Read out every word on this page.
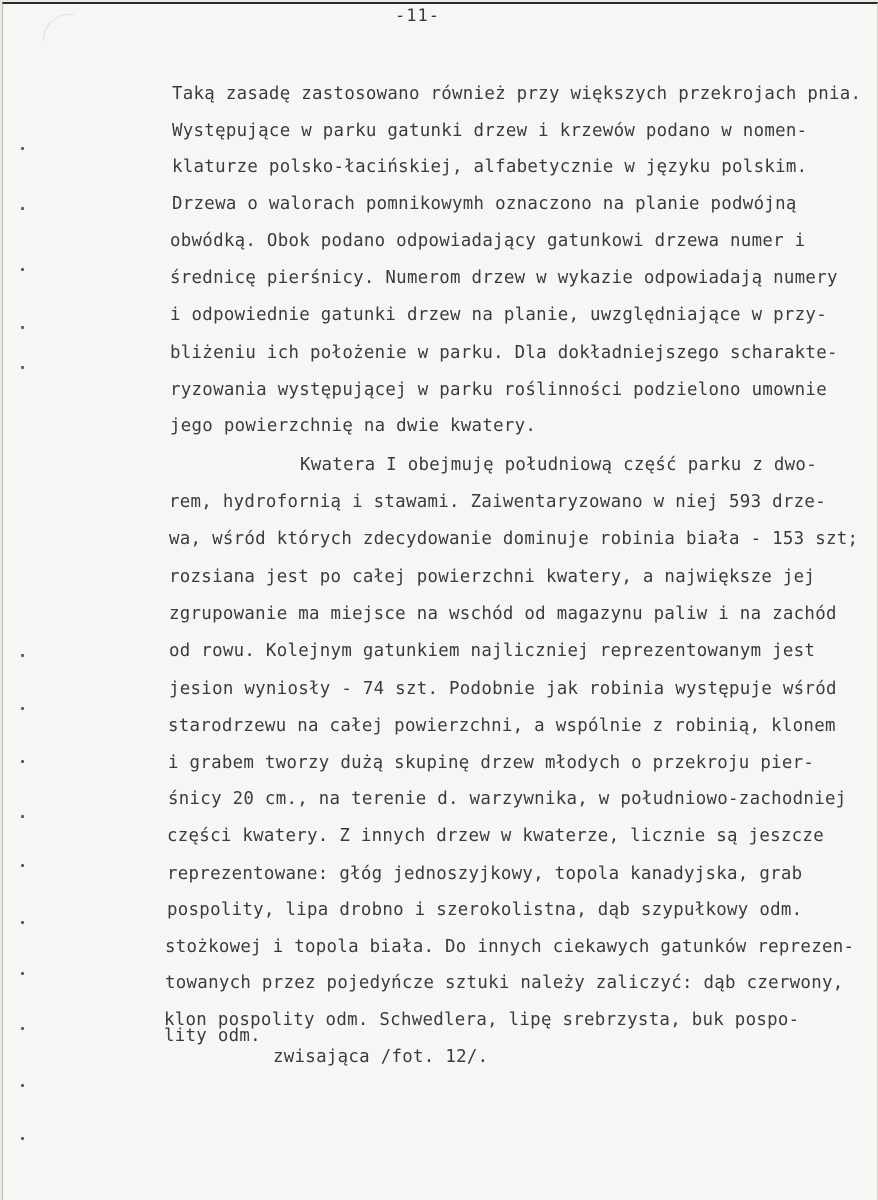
-11-
Taką zasadę zastosowano również przy większych przekrojach pnia.
Występujące w parku gatunki drzew i krzewów podano w nomen-
klaturze polsko-łacińskiej, alfabetycznie w języku polskim.
Drzewa o walorach pomnikowymh oznaczono na planie podwójną
obwódką. Obok podano odpowiadający gatunkowi drzewa numer i
średnicę pierśnicy. Numerom drzew w wykazie odpowiadają numery
i odpowiednie gatunki drzew na planie, uwzględniające w przy-
bliżeniu ich położenie w parku. Dla dokładniejszego scharakte-
ryzowania występującej w parku roślinności podzielono umownie
jego powierzchnię na dwie kwatery.
Kwatera I obejmuję południową część parku z dwo-
rem, hydrofornią i stawami. Zaiwentaryzowano w niej 593 drze-
wa, wśród których zdecydowanie dominuje robinia biała - 153 szt;
rozsiana jest po całej powierzchni kwatery, a największe jej
zgrupowanie ma miejsce na wschód od magazynu paliw i na zachód
od rowu. Kolejnym gatunkiem najliczniej reprezentowanym jest
jesion wyniosły - 74 szt. Podobnie jak robinia występuje wśród
starodrzewu na całej powierzchni, a wspólnie z robinią, klonem
i grabem tworzy dużą skupinę drzew młodych o przekroju pier-
śnicy 20 cm., na terenie d. warzywnika, w południowo-zachodniej
części kwatery. Z innych drzew w kwaterze, licznie są jeszcze
reprezentowane: głóg jednoszyjkowy, topola kanadyjska, grab
pospolity, lipa drobno i szerokolistna, dąb szypułkowy odm.
stożkowej i topola biała. Do innych ciekawych gatunków reprezen-
towanych przez pojedyńcze sztuki należy zaliczyć: dąb czerwony,
klon pospolity odm. Schwedlera, lipę srebrzysta, buk pospo-
lity odm.
zwisająca /fot. 12/.
